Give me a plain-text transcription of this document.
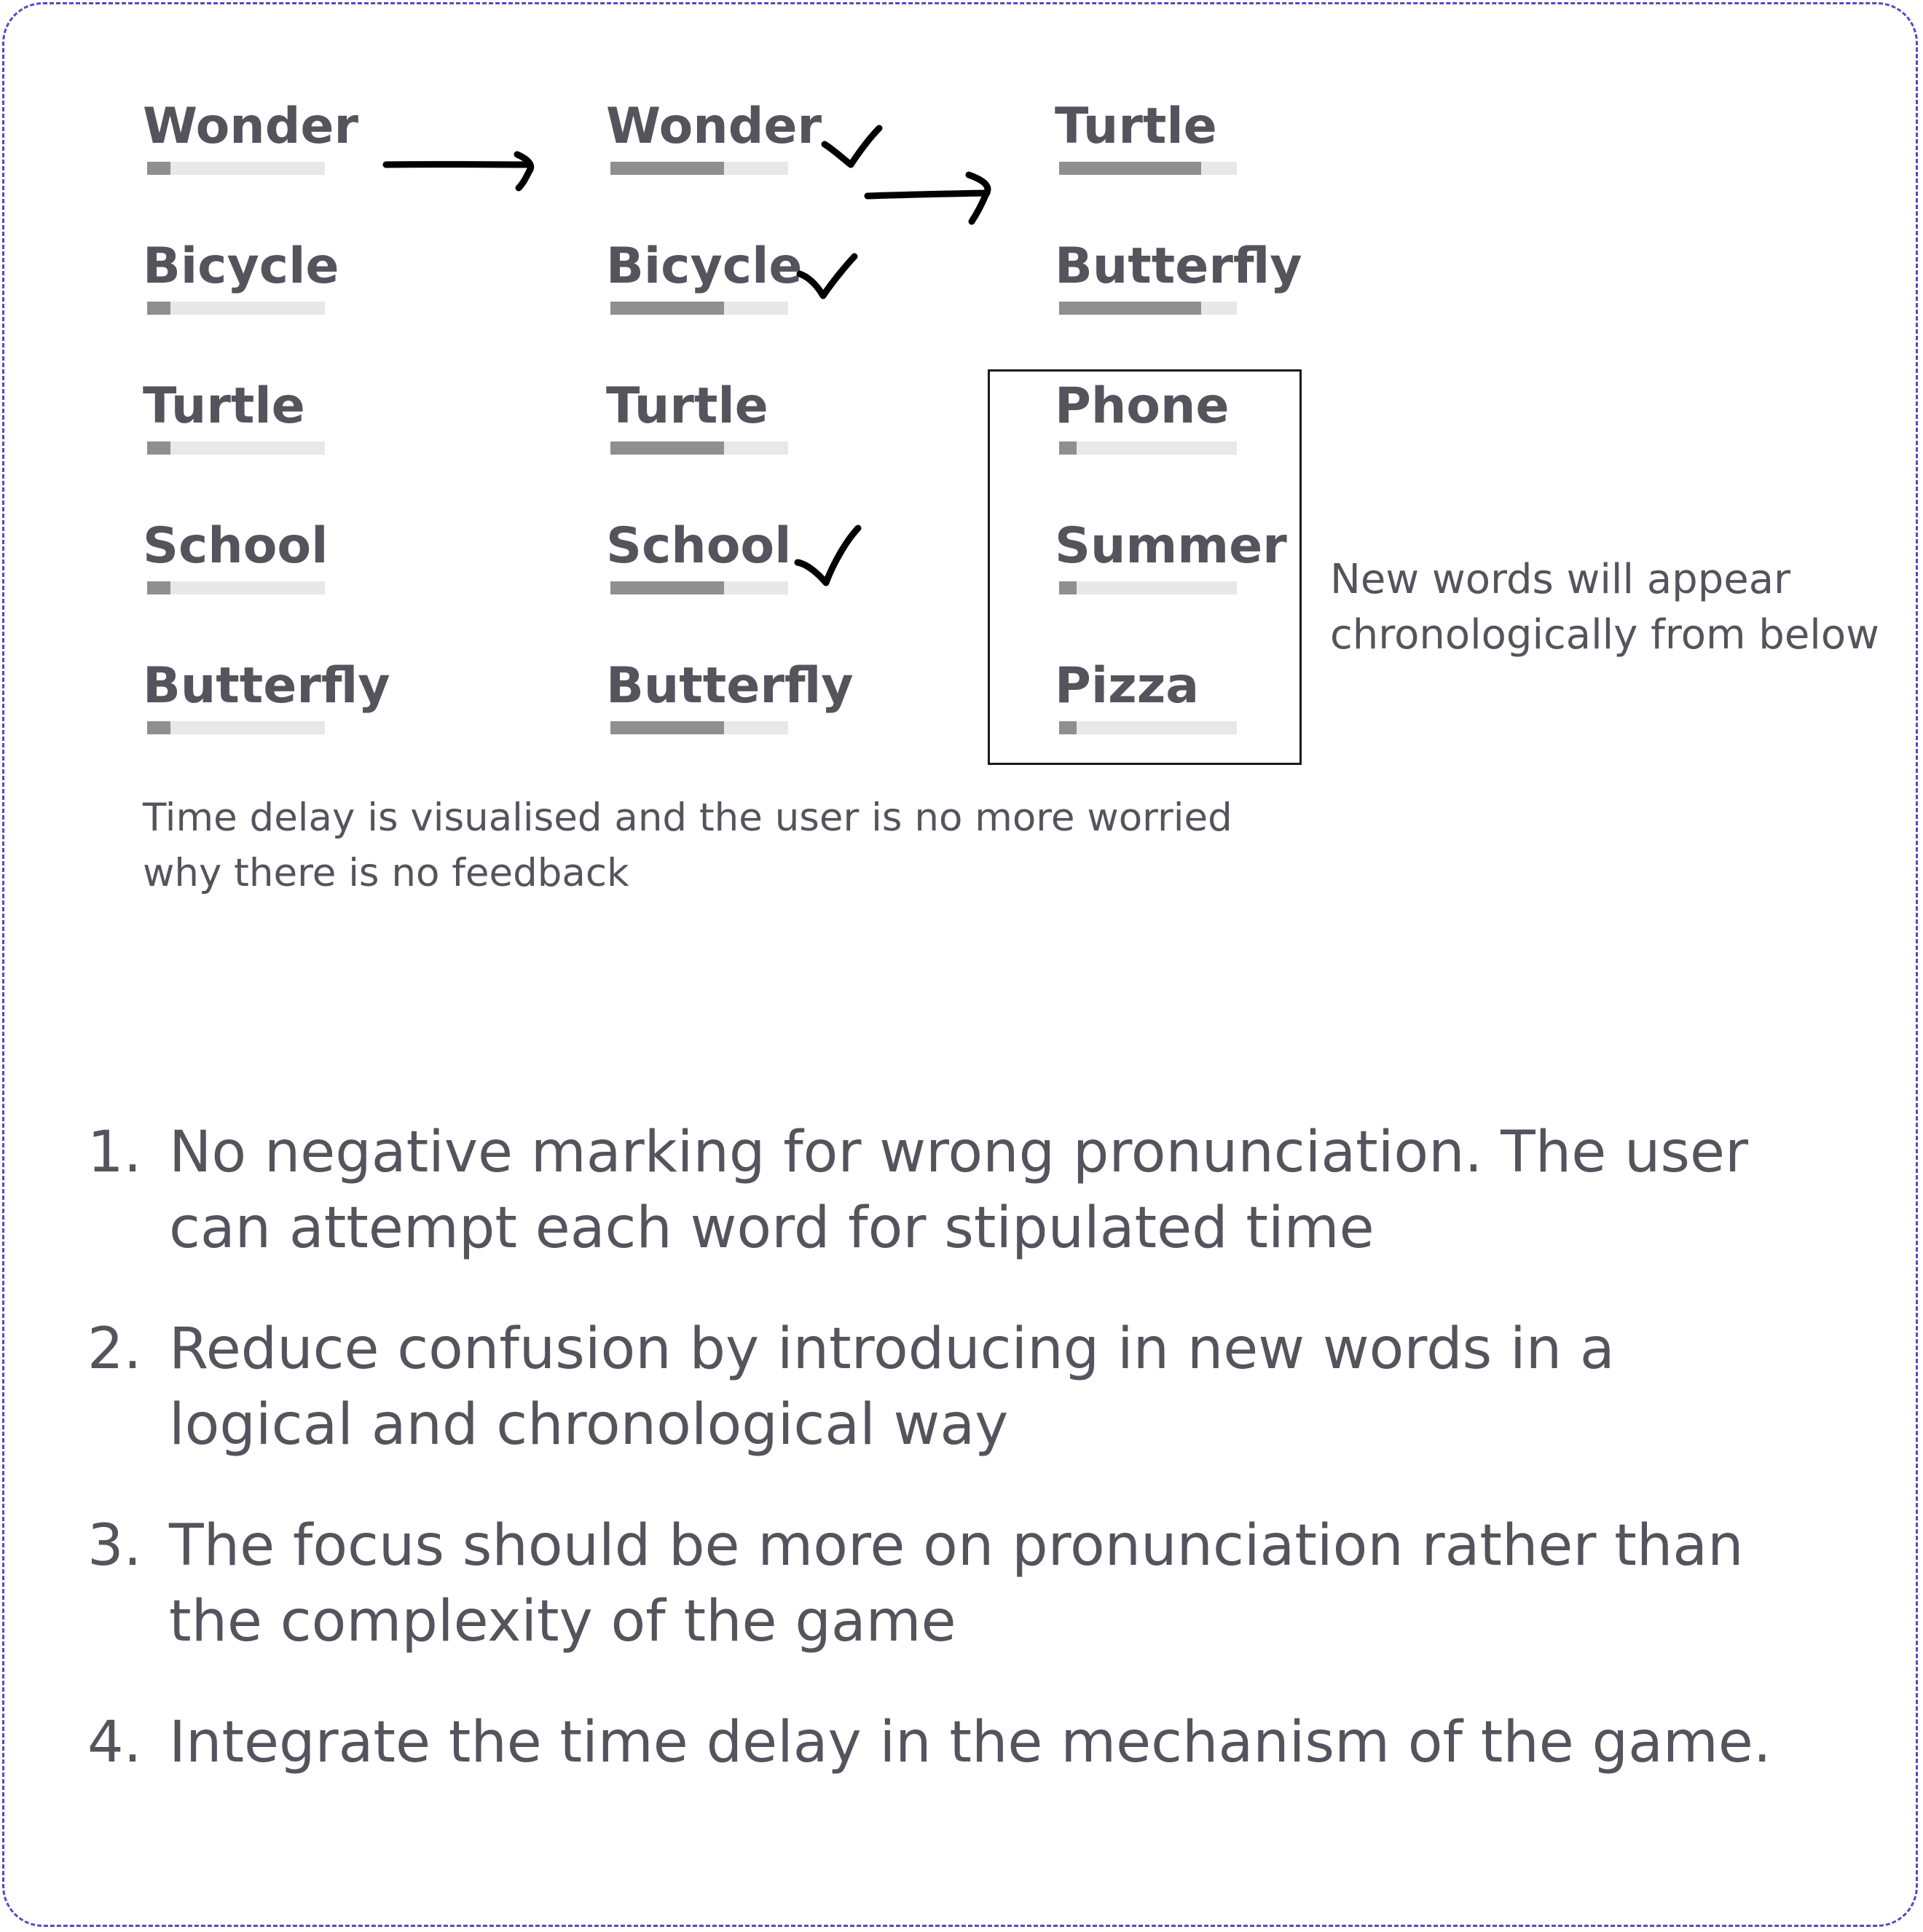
Wonder
Bicycle
Turtle
School
Butterfly
Wonder
Bicycle
Turtle
School
Butterfly
Turtle
Butterfly
Phone
Summer
Pizza
New words will appear
chronologically from below
Time delay is visualised and the user is no more worried
why there is no feedback
1. No negative marking for wrong pronunciation. The user
can attempt each word for stipulated time
2. Reduce confusion by introducing in new words in a
logical and chronological way
3. The focus should be more on pronunciation rather than
the complexity of the game
4. Integrate the time delay in the mechanism of the game.
